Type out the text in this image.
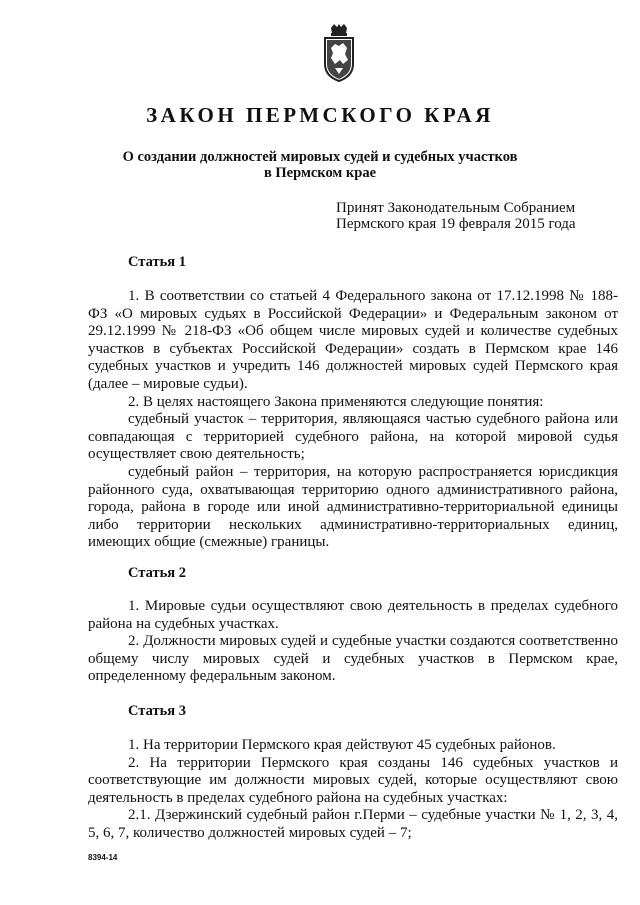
ЗАКОН ПЕРМСКОГО КРАЯ
О создании должностей мировых судей и судебных участков
в Пермском крае
Принят Законодательным Собранием
Пермского края 19 февраля 2015 года
Статья 1

1. В соответствии со статьей 4 Федерального закона от 17.12.1998 № 188-ФЗ «О мировых судьях в Российской Федерации» и Федеральным законом от 29.12.1999 № 218-ФЗ «Об общем числе мировых судей и количестве судебных участков в субъектах Российской Федерации» создать в Пермском крае 146 судебных участков и учредить 146 должностей мировых судей Пермского края (далее – мировые судьи).

2. В целях настоящего Закона применяются следующие понятия:

судебный участок – территория, являющаяся частью судебного района или совпадающая с территорией судебного района, на которой мировой судья осуществляет свою деятельность;

судебный район – территория, на которую распространяется юрисдикция районного суда, охватывающая территорию одного административного района, города, района в городе или иной административно-территориальной единицы либо территории нескольких административно-территориальных единиц, имеющих общие (смежные) границы.

Статья 2

1. Мировые судьи осуществляют свою деятельность в пределах судебного района на судебных участках.

2. Должности мировых судей и судебные участки создаются соответственно общему числу мировых судей и судебных участков в Пермском крае, определенному федеральным законом.

Статья 3

1. На территории Пермского края действуют 45 судебных районов.

2. На территории Пермского края созданы 146 судебных участков и соответствующие им должности мировых судей, которые осуществляют свою деятельность в пределах судебного района на судебных участках:

2.1. Дзержинский судебный район г.Перми – судебные участки № 1, 2, 3, 4, 5, 6, 7, количество должностей мировых судей – 7;

8394-14
